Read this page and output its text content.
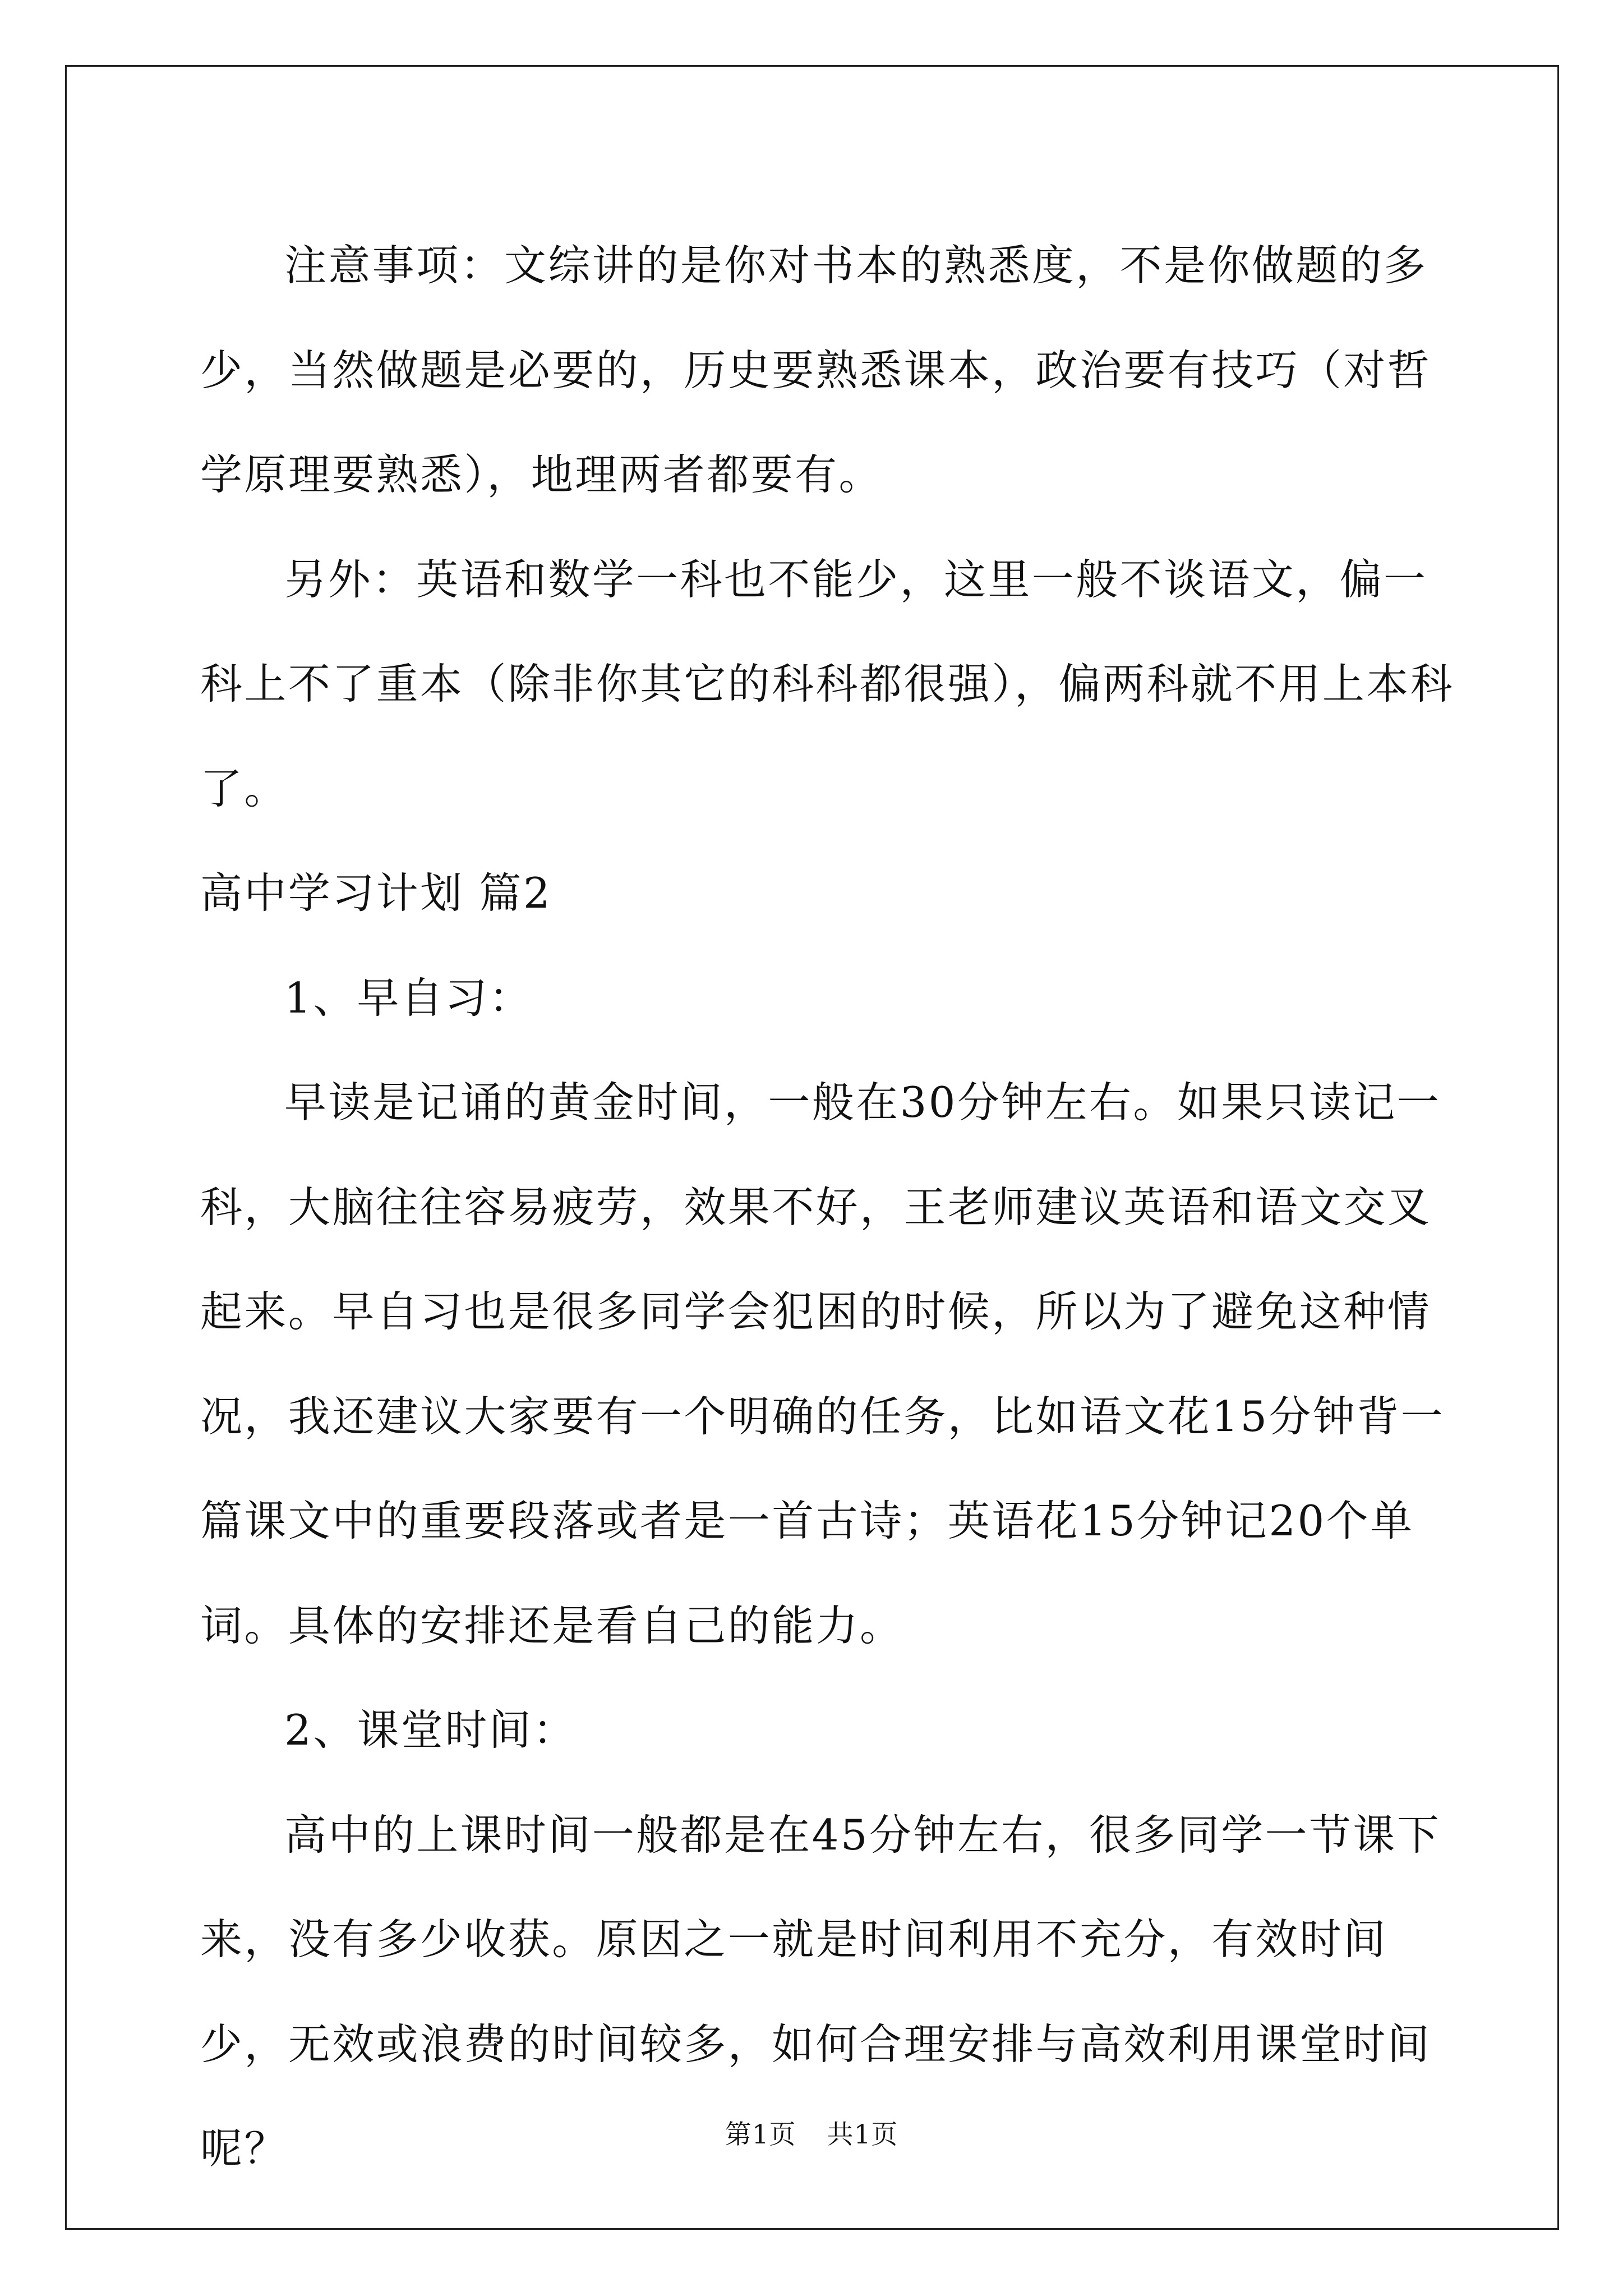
注意事项：文综讲的是你对书本的熟悉度，不是你做题的多少，当然做题是必要的，历史要熟悉课本，政治要有技巧（对哲学原理要熟悉），地理两者都要有。

另外：英语和数学一科也不能少，这里一般不谈语文，偏一科上不了重本（除非你其它的科科都很强），偏两科就不用上本科了。

高中学习计划 篇2

1、早自习：

早读是记诵的黄金时间，一般在30分钟左右。如果只读记一科，大脑往往容易疲劳，效果不好，王老师建议英语和语文交叉起来。早自习也是很多同学会犯困的时候，所以为了避免这种情况，我还建议大家要有一个明确的任务，比如语文花15分钟背一篇课文中的重要段落或者是一首古诗；英语花15分钟记20个单词。具体的安排还是看自己的能力。

2、课堂时间：

高中的上课时间一般都是在45分钟左右，很多同学一节课下来，没有多少收获。原因之一就是时间利用不充分，有效时间少，无效或浪费的时间较多，如何合理安排与高效利用课堂时间呢？	第1页 共1页
